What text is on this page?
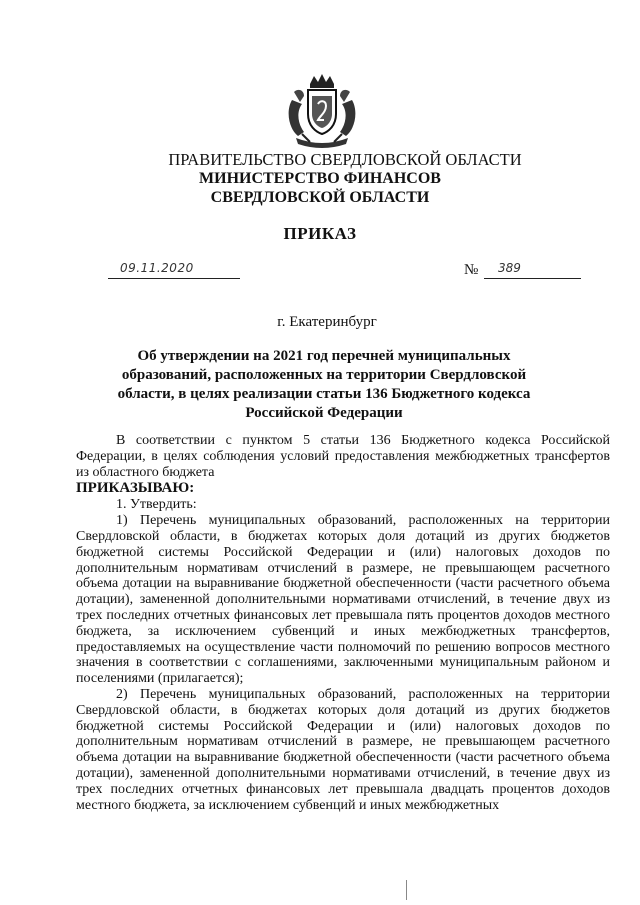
ПРАВИТЕЛЬСТВО СВЕРДЛОВСКОЙ ОБЛАСТИ
МИНИСТЕРСТВО ФИНАНСОВ
СВЕРДЛОВСКОЙ ОБЛАСТИ
ПРИКАЗ
09.11.2020	№ 389
г. Екатеринбург
Об утверждении на 2021 год перечней муниципальных образований, расположенных на территории Свердловской области, в целях реализации статьи 136 Бюджетного кодекса Российской Федерации

В соответствии с пунктом 5 статьи 136 Бюджетного кодекса Российской Федерации, в целях соблюдения условий предоставления межбюджетных трансфертов из областного бюджета

ПРИКАЗЫВАЮ:

1. Утвердить:

1) Перечень муниципальных образований, расположенных на территории Свердловской области, в бюджетах которых доля дотаций из других бюджетов бюджетной системы Российской Федерации и (или) налоговых доходов по дополнительным нормативам отчислений в размере, не превышающем расчетного объема дотации на выравнивание бюджетной обеспеченности (части расчетного объема дотации), замененной дополнительными нормативами отчислений, в течение двух из трех последних отчетных финансовых лет превышала пять процентов доходов местного бюджета, за исключением субвенций и иных межбюджетных трансфертов, предоставляемых на осуществление части полномочий по решению вопросов местного значения в соответствии с соглашениями, заключенными муниципальным районом и поселениями (прилагается);

2) Перечень муниципальных образований, расположенных на территории Свердловской области, в бюджетах которых доля дотаций из других бюджетов бюджетной системы Российской Федерации и (или) налоговых доходов по дополнительным нормативам отчислений в размере, не превышающем расчетного объема дотации на выравнивание бюджетной обеспеченности (части расчетного объема дотации), замененной дополнительными нормативами отчислений, в течение двух из трех последних отчетных финансовых лет превышала двадцать процентов доходов местного бюджета, за исключением субвенций и иных межбюджетных
